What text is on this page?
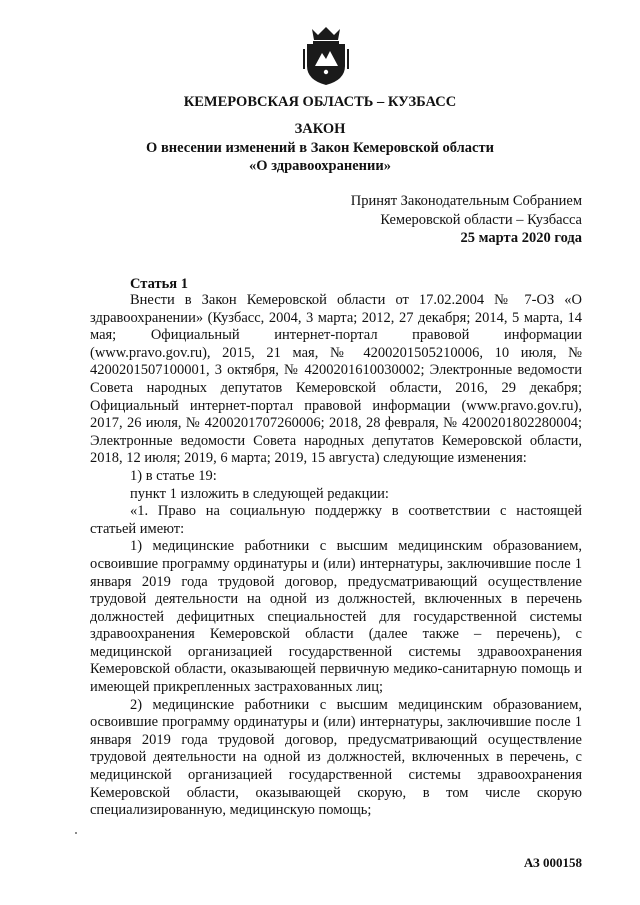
КЕМЕРОВСКАЯ ОБЛАСТЬ – КУЗБАСС
ЗАКОН
О внесении изменений в Закон Кемеровской области
«О здравоохранении»
Принят Законодательным Собранием
Кемеровской области – Кузбасса
25 марта 2020 года
Статья 1

Внести в Закон Кемеровской области от 17.02.2004 № 7-ОЗ «О здравоохранении» (Кузбасс, 2004, 3 марта; 2012, 27 декабря; 2014, 5 марта, 14 мая; Официальный интернет-портал правовой информации (www.pravo.gov.ru), 2015, 21 мая, № 4200201505210006, 10 июля, № 4200201507100001, 3 октября, № 4200201610030002; Электронные ведомости Совета народных депутатов Кемеровской области, 2016, 29 декабря; Официальный интернет-портал правовой информации (www.pravo.gov.ru), 2017, 26 июля, № 4200201707260006; 2018, 28 февраля, № 4200201802280004; Электронные ведомости Совета народных депутатов Кемеровской области, 2018, 12 июля; 2019, 6 марта; 2019, 15 августа) следующие изменения:

1) в статье 19:

пункт 1 изложить в следующей редакции:

«1. Право на социальную поддержку в соответствии с настоящей статьей имеют:

1) медицинские работники с высшим медицинским образованием, освоившие программу ординатуры и (или) интернатуры, заключившие после 1 января 2019 года трудовой договор, предусматривающий осуществление трудовой деятельности на одной из должностей, включенных в перечень должностей дефицитных специальностей для государственной системы здравоохранения Кемеровской области (далее также – перечень), с медицинской организацией государственной системы здравоохранения Кемеровской области, оказывающей первичную медико-санитарную помощь и имеющей прикрепленных застрахованных лиц;

2) медицинские работники с высшим медицинским образованием, освоившие программу ординатуры и (или) интернатуры, заключившие после 1 января 2019 года трудовой договор, предусматривающий осуществление трудовой деятельности на одной из должностей, включенных в перечень, с медицинской организацией государственной системы здравоохранения Кемеровской области, оказывающей скорую, в том числе скорую специализированную, медицинскую помощь;

АЗ 000158
